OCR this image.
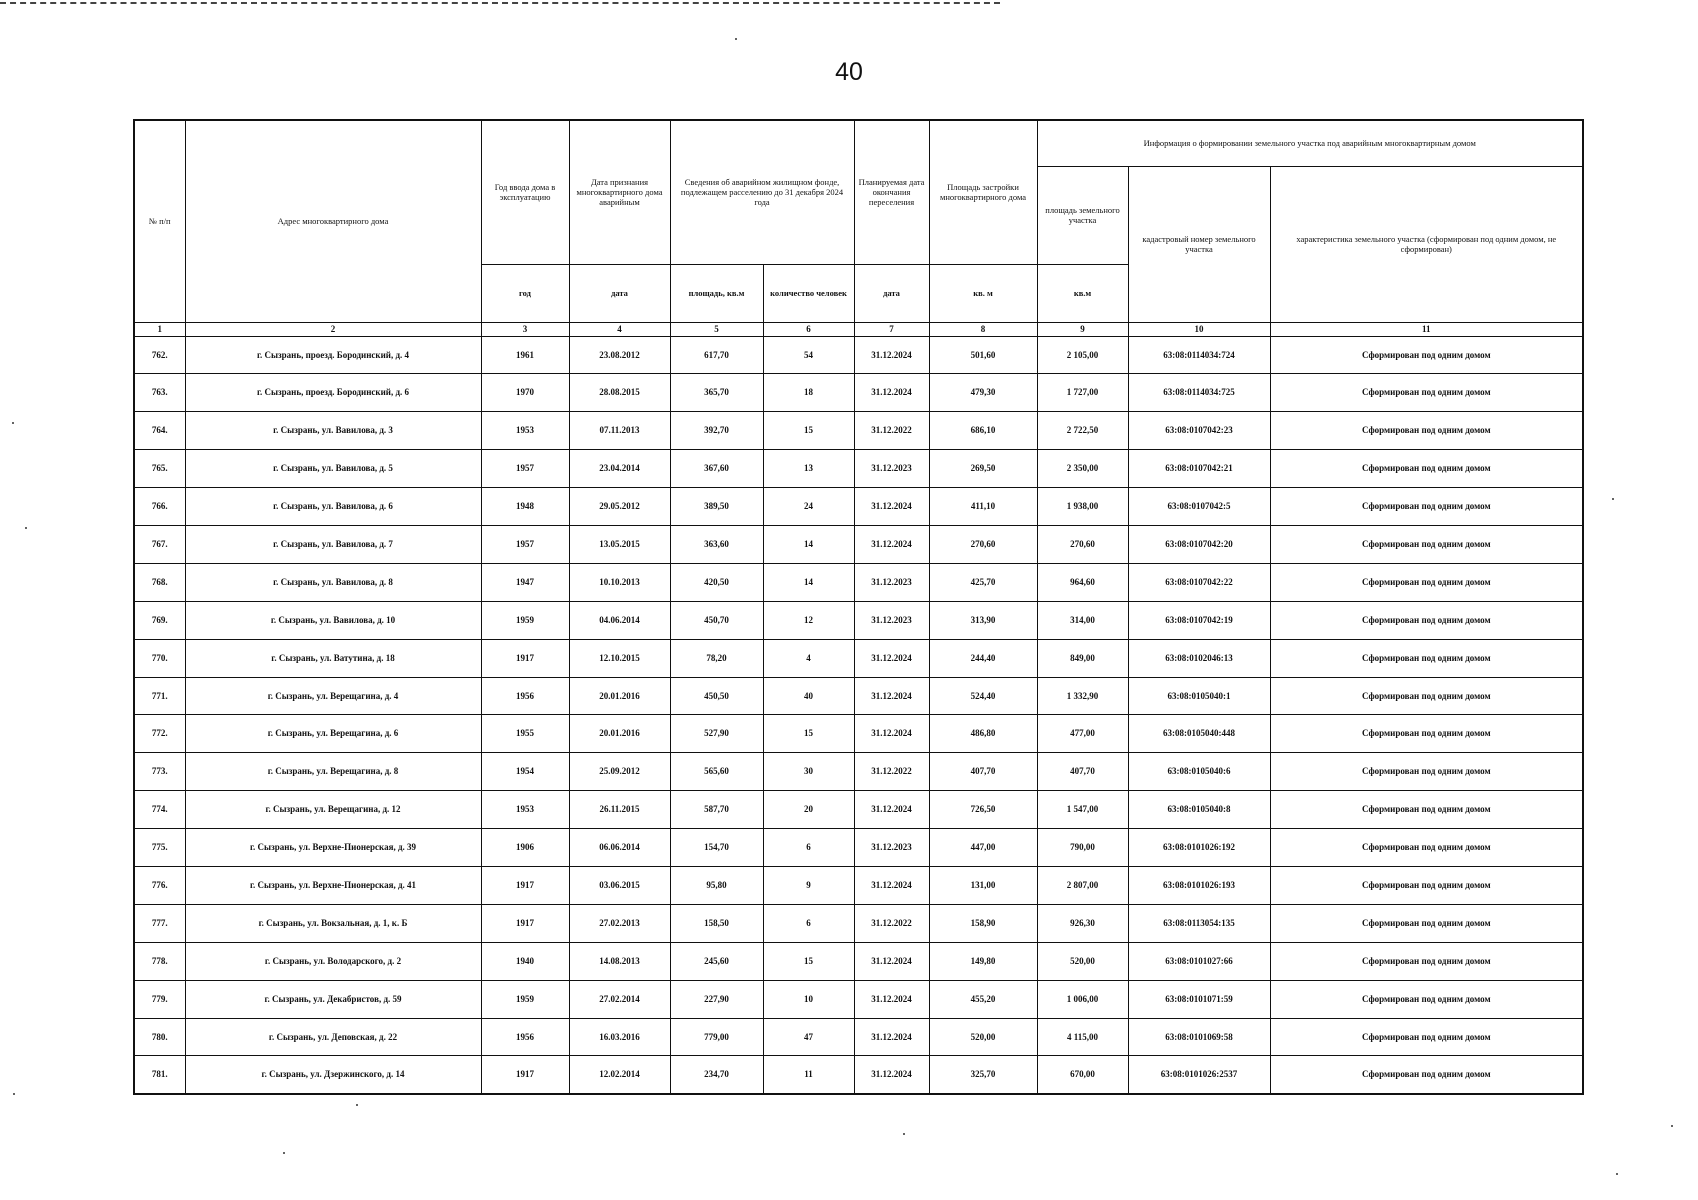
40
№ п/п	Адрес многоквартирного дома	Год ввода дома в эксплуатацию	Дата признания многоквартирного дома аварийным	Сведения об аварийном жилищном фонде, подлежащем расселению до 31 декабря 2024 года		Планируемая дата окончания переселения	Площадь застройки многоквартирного дома	Информация о формировании земельного участка под аварийным многоквартирным домом		
								площадь земельного участка	кадастровый номер земельного участка	характеристика земельного участка (сформирован под одним домом, не сформирован)
		год	дата	площадь, кв.м	количество человек	дата	кв. м	кв.м		
1	2	3	4	5	6	7	8	9	10	11
762.	г. Сызрань, проезд. Бородинский, д. 4	1961	23.08.2012	617,70	54	31.12.2024	501,60	2 105,00	63:08:0114034:724	Сформирован под одним домом
763.	г. Сызрань, проезд. Бородинский, д. 6	1970	28.08.2015	365,70	18	31.12.2024	479,30	1 727,00	63:08:0114034:725	Сформирован под одним домом
764.	г. Сызрань, ул. Вавилова, д. 3	1953	07.11.2013	392,70	15	31.12.2022	686,10	2 722,50	63:08:0107042:23	Сформирован под одним домом
765.	г. Сызрань, ул. Вавилова, д. 5	1957	23.04.2014	367,60	13	31.12.2023	269,50	2 350,00	63:08:0107042:21	Сформирован под одним домом
766.	г. Сызрань, ул. Вавилова, д. 6	1948	29.05.2012	389,50	24	31.12.2024	411,10	1 938,00	63:08:0107042:5	Сформирован под одним домом
767.	г. Сызрань, ул. Вавилова, д. 7	1957	13.05.2015	363,60	14	31.12.2024	270,60	270,60	63:08:0107042:20	Сформирован под одним домом
768.	г. Сызрань, ул. Вавилова, д. 8	1947	10.10.2013	420,50	14	31.12.2023	425,70	964,60	63:08:0107042:22	Сформирован под одним домом
769.	г. Сызрань, ул. Вавилова, д. 10	1959	04.06.2014	450,70	12	31.12.2023	313,90	314,00	63:08:0107042:19	Сформирован под одним домом
770.	г. Сызрань, ул. Ватутина, д. 18	1917	12.10.2015	78,20	4	31.12.2024	244,40	849,00	63:08:0102046:13	Сформирован под одним домом
771.	г. Сызрань, ул. Верещагина, д. 4	1956	20.01.2016	450,50	40	31.12.2024	524,40	1 332,90	63:08:0105040:1	Сформирован под одним домом
772.	г. Сызрань, ул. Верещагина, д. 6	1955	20.01.2016	527,90	15	31.12.2024	486,80	477,00	63:08:0105040:448	Сформирован под одним домом
773.	г. Сызрань, ул. Верещагина, д. 8	1954	25.09.2012	565,60	30	31.12.2022	407,70	407,70	63:08:0105040:6	Сформирован под одним домом
774.	г. Сызрань, ул. Верещагина, д. 12	1953	26.11.2015	587,70	20	31.12.2024	726,50	1 547,00	63:08:0105040:8	Сформирован под одним домом
775.	г. Сызрань, ул. Верхне-Пионерская, д. 39	1906	06.06.2014	154,70	6	31.12.2023	447,00	790,00	63:08:0101026:192	Сформирован под одним домом
776.	г. Сызрань, ул. Верхне-Пионерская, д. 41	1917	03.06.2015	95,80	9	31.12.2024	131,00	2 807,00	63:08:0101026:193	Сформирован под одним домом
777.	г. Сызрань, ул. Вокзальная, д. 1, к. Б	1917	27.02.2013	158,50	6	31.12.2022	158,90	926,30	63:08:0113054:135	Сформирован под одним домом
778.	г. Сызрань, ул. Володарского, д. 2	1940	14.08.2013	245,60	15	31.12.2024	149,80	520,00	63:08:0101027:66	Сформирован под одним домом
779.	г. Сызрань, ул. Декабристов, д. 59	1959	27.02.2014	227,90	10	31.12.2024	455,20	1 006,00	63:08:0101071:59	Сформирован под одним домом
780.	г. Сызрань, ул. Деповская, д. 22	1956	16.03.2016	779,00	47	31.12.2024	520,00	4 115,00	63:08:0101069:58	Сформирован под одним домом
781.	г. Сызрань, ул. Дзержинского, д. 14	1917	12.02.2014	234,70	11	31.12.2024	325,70	670,00	63:08:0101026:2537	Сформирован под одним домом
